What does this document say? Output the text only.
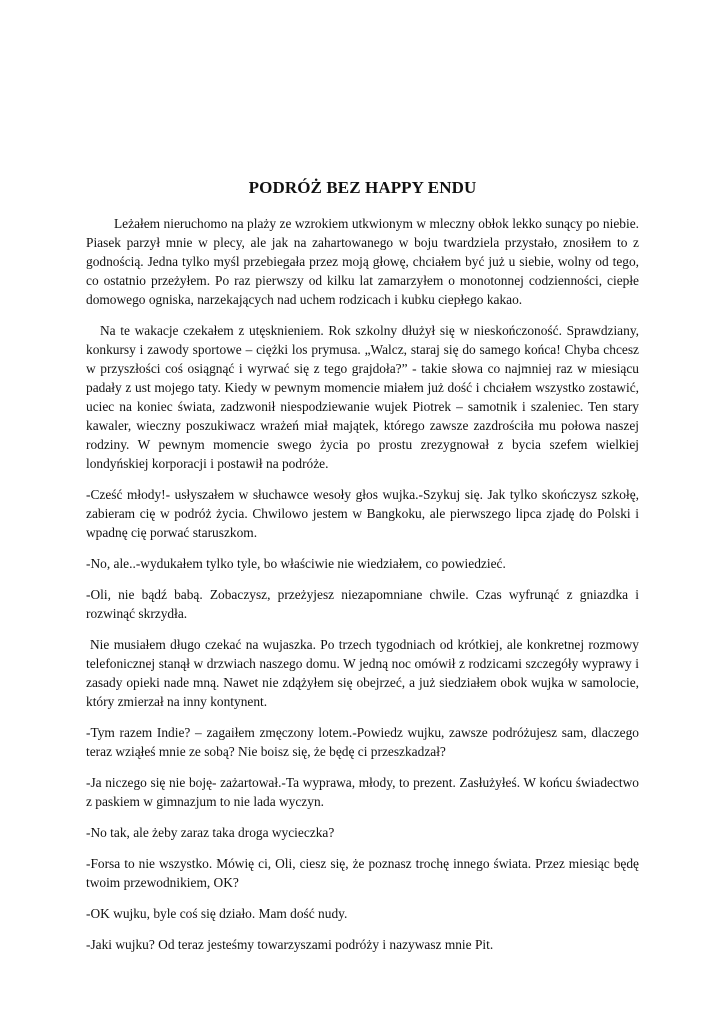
PODRÓŻ BEZ HAPPY ENDU

Leżałem nieruchomo na plaży ze wzrokiem utkwionym w mleczny obłok lekko sunący po niebie. Piasek parzył mnie w plecy, ale jak na zahartowanego w boju twardziela przystało, znosiłem to z godnością. Jedna tylko myśl przebiegała przez moją głowę, chciałem być już u siebie, wolny od tego, co ostatnio przeżyłem. Po raz pierwszy od kilku lat zamarzyłem o monotonnej codzienności, ciepłe domowego ogniska, narzekających nad uchem rodzicach i kubku ciepłego kakao.

Na te wakacje czekałem z utęsknieniem. Rok szkolny dłużył się w nieskończoność. Sprawdziany, konkursy i zawody sportowe – ciężki los prymusa. „Walcz, staraj się do samego końca! Chyba chcesz w przyszłości coś osiągnąć i wyrwać się z tego grajdoła?” - takie słowa co najmniej raz w miesiącu padały z ust mojego taty. Kiedy w pewnym momencie miałem już dość i chciałem wszystko zostawić, uciec na koniec świata, zadzwonił niespodziewanie wujek Piotrek – samotnik i szaleniec. Ten stary kawaler, wieczny poszukiwacz wrażeń miał majątek, którego zawsze zazdrościła mu połowa naszej rodziny. W pewnym momencie swego życia po prostu zrezygnował z bycia szefem wielkiej londyńskiej korporacji i postawił na podróże.

-Cześć młody!- usłyszałem w słuchawce wesoły głos wujka.-Szykuj się. Jak tylko skończysz szkołę, zabieram cię w podróż życia. Chwilowo jestem w Bangkoku, ale pierwszego lipca zjadę do Polski i wpadnę cię porwać staruszkom.

-No, ale..-wydukałem tylko tyle, bo właściwie nie wiedziałem, co powiedzieć.

-Oli, nie bądź babą. Zobaczysz, przeżyjesz niezapomniane chwile. Czas wyfrunąć z gniazdka i rozwinąć skrzydła.

Nie musiałem długo czekać na wujaszka. Po trzech tygodniach od krótkiej, ale konkretnej rozmowy telefonicznej stanął w drzwiach naszego domu. W jedną noc omówił z rodzicami szczegóły wyprawy i zasady opieki nade mną. Nawet nie zdążyłem się obejrzeć, a już siedziałem obok wujka w samolocie, który zmierzał na inny kontynent.

-Tym razem Indie? – zagaiłem zmęczony lotem.-Powiedz wujku, zawsze podróżujesz sam, dlaczego teraz wziąłeś mnie ze sobą? Nie boisz się, że będę ci przeszkadzał?

-Ja niczego się nie boję- zażartował.-Ta wyprawa, młody, to prezent. Zasłużyłeś. W końcu świadectwo z paskiem w gimnazjum to nie lada wyczyn.

-No tak, ale żeby zaraz taka droga wycieczka?

-Forsa to nie wszystko. Mówię ci, Oli, ciesz się, że poznasz trochę innego świata. Przez miesiąc będę twoim przewodnikiem, OK?

-OK wujku, byle coś się działo. Mam dość nudy.

-Jaki wujku? Od teraz jesteśmy towarzyszami podróży i nazywasz mnie Pit.
